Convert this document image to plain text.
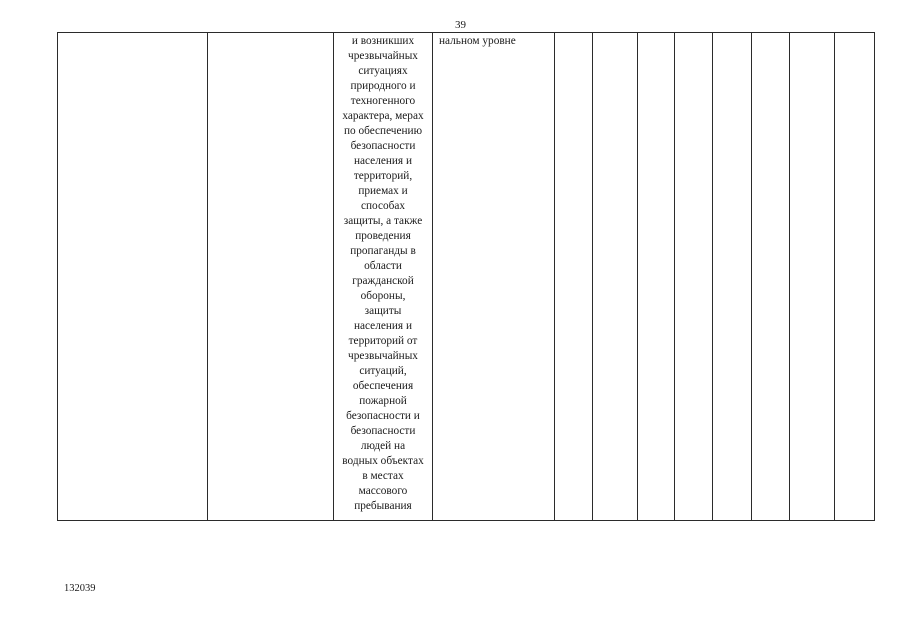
39

и возникших
чрезвычайных
ситуациях
природного и
техногенного
характера, мерах
по обеспечению
безопасности
населения и
территорий,
приемах и
способах
защиты, а также
проведения
пропаганды в
области
гражданской
обороны,
защиты
населения и
территорий от
чрезвычайных
ситуаций,
обеспечения
пожарной
безопасности и
безопасности
людей на
водных объектах
в местах
массового
пребывания

нальном уровне

132039
